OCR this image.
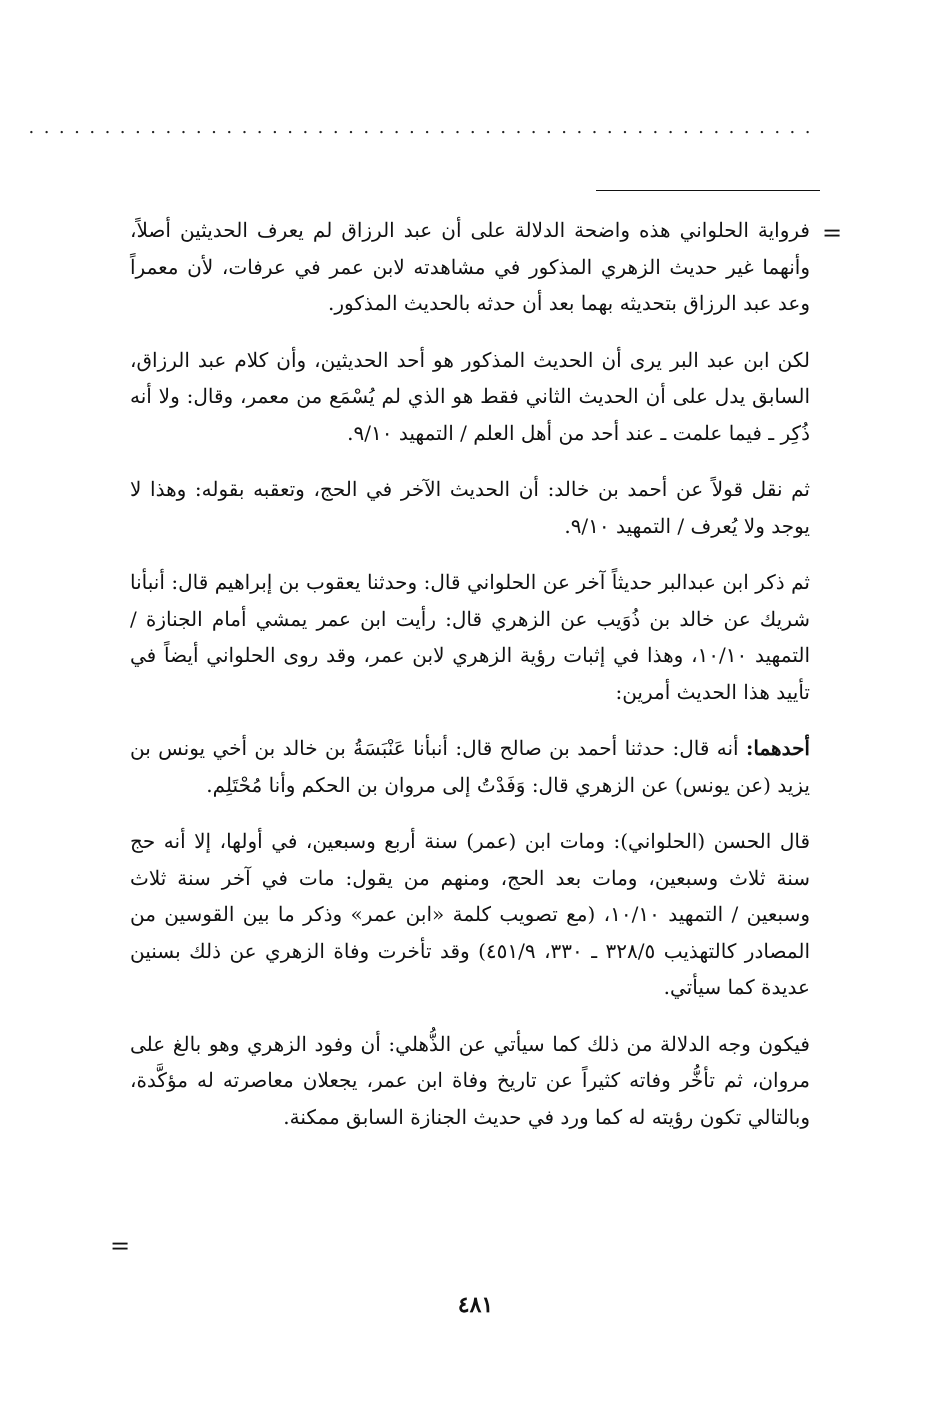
....................................................
=

فرواية الحلواني هذه واضحة الدلالة على أن عبد الرزاق لم يعرف الحديثين أصلاً، وأنهما غير حديث الزهري المذكور في مشاهدته لابن عمر في عرفات، لأن معمراً وعد عبد الرزاق بتحديثه بهما بعد أن حدثه بالحديث المذكور.

لكن ابن عبد البر يرى أن الحديث المذكور هو أحد الحديثين، وأن كلام عبد الرزاق، السابق يدل على أن الحديث الثاني فقط هو الذي لم يُسْمَع من معمر، وقال: ولا أنه ذُكِر ـ فيما علمت ـ عند أحد من أهل العلم / التمهيد ٩/١٠.

ثم نقل قولاً عن أحمد بن خالد: أن الحديث الآخر في الحج، وتعقبه بقوله: وهذا لا يوجد ولا يُعرف / التمهيد ٩/١٠.

ثم ذكر ابن عبدالبر حديثاً آخر عن الحلواني قال: وحدثنا يعقوب بن إبراهيم قال: أنبأنا شريك عن خالد بن ذُوَيب عن الزهري قال: رأيت ابن عمر يمشي أمام الجنازة / التمهيد ١٠/١٠، وهذا في إثبات رؤية الزهري لابن عمر، وقد روى الحلواني أيضاً في تأييد هذا الحديث أمرين:

أحدهما: أنه قال: حدثنا أحمد بن صالح قال: أنبأنا عَنْبَسَةُ بن خالد بن أخي يونس بن يزيد (عن يونس) عن الزهري قال: وَفَدْتُ إلى مروان بن الحكم وأنا مُحْتَلِم.

قال الحسن (الحلواني): ومات ابن (عمر) سنة أربع وسبعين، في أولها، إلا أنه حج سنة ثلاث وسبعين، ومات بعد الحج، ومنهم من يقول: مات في آخر سنة ثلاث وسبعين / التمهيد ١٠/١٠، (مع تصويب كلمة «ابن عمر» وذكر ما بين القوسين من المصادر كالتهذيب ٣٢٨/٥ ـ ٣٣٠، ٤٥١/٩) وقد تأخرت وفاة الزهري عن ذلك بسنين عديدة كما سيأتي.

فيكون وجه الدلالة من ذلك كما سيأتي عن الذُّهلي: أن وفود الزهري وهو بالغ على مروان، ثم تأخُّر وفاته كثيراً عن تاريخ وفاة ابن عمر، يجعلان معاصرته له مؤكَّدة، وبالتالي تكون رؤيته له كما ورد في حديث الجنازة السابق ممكنة.

=
٤٨١
